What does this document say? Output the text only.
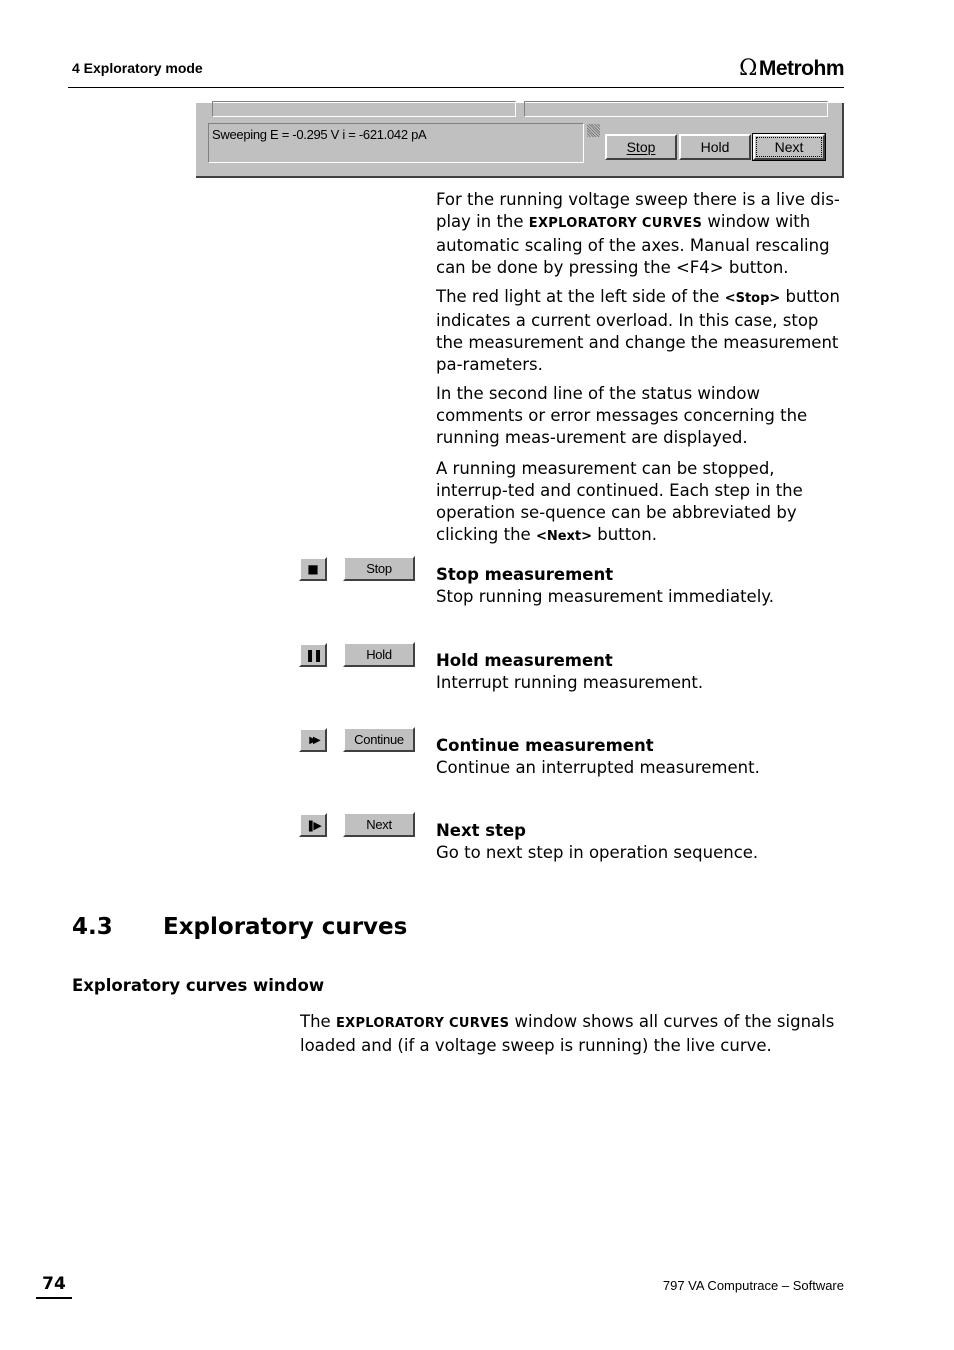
4 Exploratory mode	Ω Metrohm
Sweeping E = -0.295 V i = -621.042 pA
Stop	Hold	Next
For the running voltage sweep there is a live dis-play in the EXPLORATORY CURVES window with automatic scaling of the axes. Manual rescaling can be done by pressing the <F4> button.
The red light at the left side of the <Stop> button indicates a current overload. In this case, stop the measurement and change the measurement pa-rameters.
In the second line of the status window comments or error messages concerning the running meas-urement are displayed.
A running measurement can be stopped, interrup-ted and continued. Each step in the operation se-quence can be abbreviated by clicking the <Next> button.
■	Stop	Stop measurement
Stop running measurement immediately.
❚❚	Hold	Hold measurement
Interrupt running measurement.
▶▶	Continue	Continue measurement
Continue an interrupted measurement.
❚▶	Next	Next step
Go to next step in operation sequence.
4.3 Exploratory curves
Exploratory curves window
The EXPLORATORY CURVES window shows all curves of the signals loaded and (if a voltage sweep is running) the live curve.
74	797 VA Computrace – Software
